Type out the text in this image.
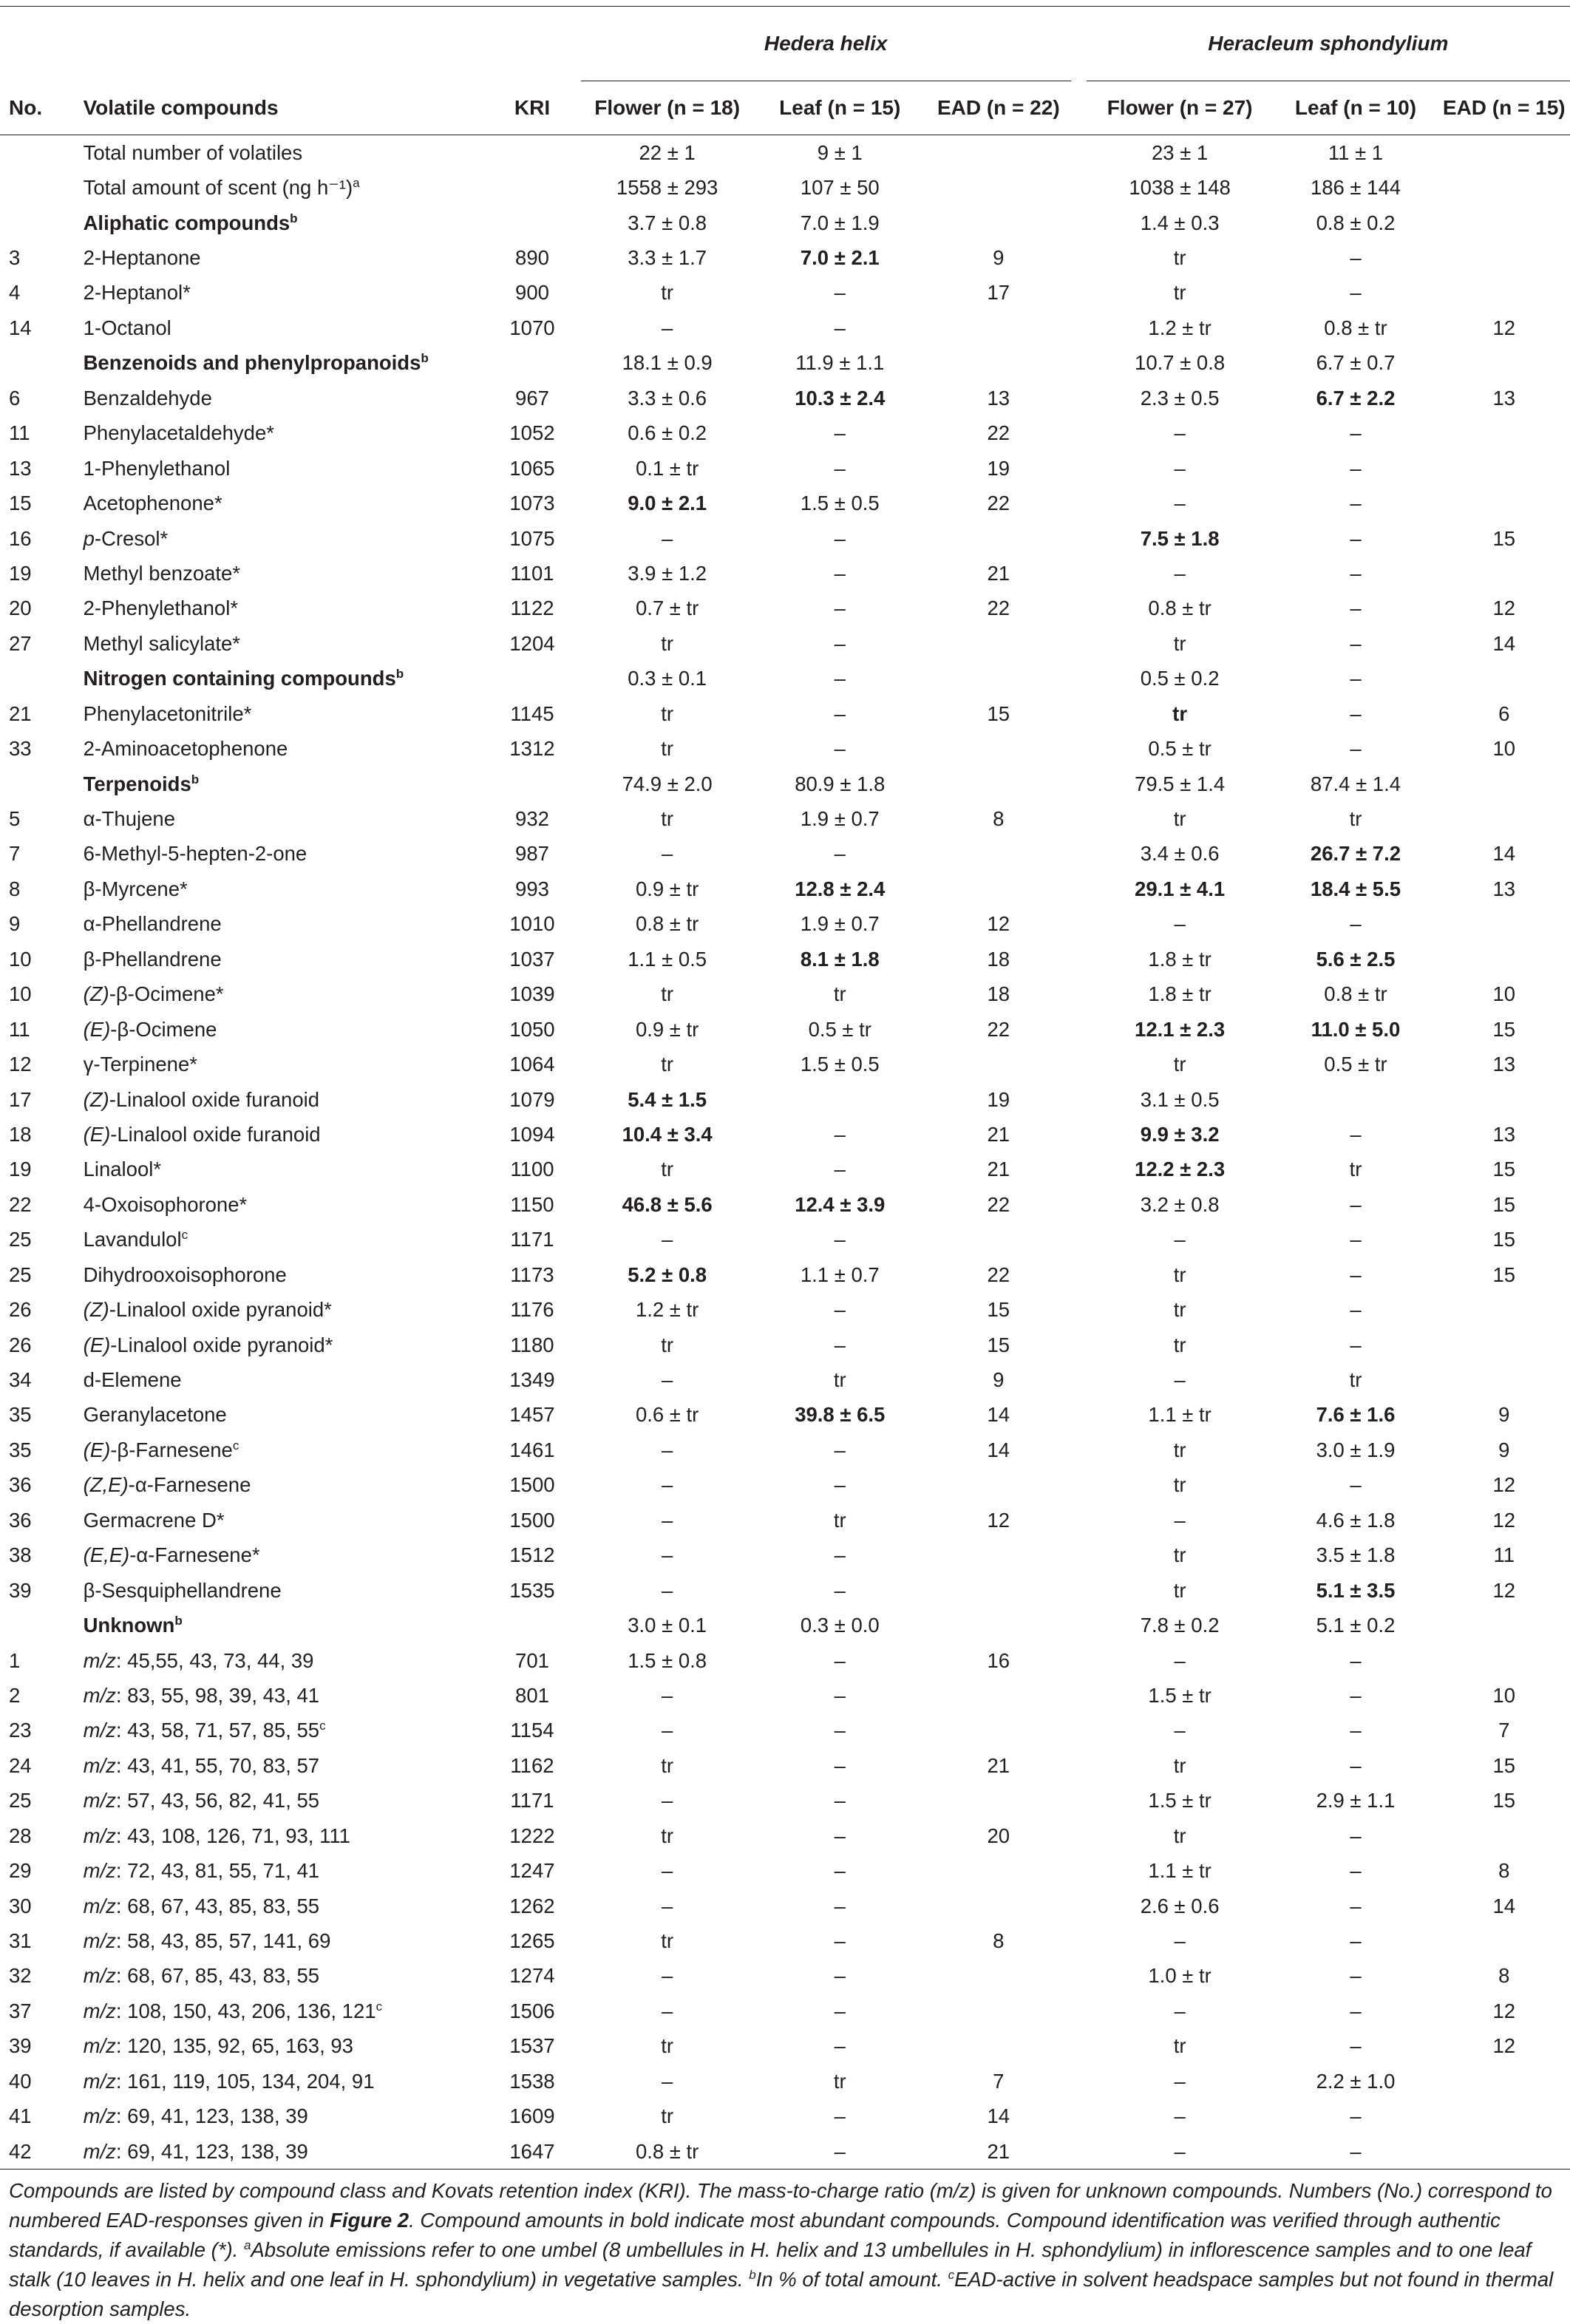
			Hedera helix				Heracleum sphondylium		
No.	Volatile compounds	KRI	Flower (n = 18)	Leaf (n = 15)	EAD (n = 22)		Flower (n = 27)	Leaf (n = 10)	EAD (n = 15)
	Total number of volatiles		22 ± 1	9 ± 1			23 ± 1	11 ± 1	
	Total amount of scent (ng h⁻¹)$^a$		1558 ± 293	107 ± 50			1038 ± 148	186 ± 144	
	Aliphatic compounds$^b$		3.7 ± 0.8	7.0 ± 1.9			1.4 ± 0.3	0.8 ± 0.2	
3	2-Heptanone	890	3.3 ± 1.7	7.0 ± 2.1	9		tr	–	
4	2-Heptanol*	900	tr	–	17		tr	–	
14	1-Octanol	1070	–	–			1.2 ± tr	0.8 ± tr	12
	Benzenoids and phenylpropanoids$^b$		18.1 ± 0.9	11.9 ± 1.1			10.7 ± 0.8	6.7 ± 0.7	
6	Benzaldehyde	967	3.3 ± 0.6	10.3 ± 2.4	13		2.3 ± 0.5	6.7 ± 2.2	13
11	Phenylacetaldehyde*	1052	0.6 ± 0.2	–	22		–	–	
13	1-Phenylethanol	1065	0.1 ± tr	–	19		–	–	
15	Acetophenone*	1073	9.0 ± 2.1	1.5 ± 0.5	22		–	–	
16	p-Cresol*	1075	–	–			7.5 ± 1.8	–	15
19	Methyl benzoate*	1101	3.9 ± 1.2	–	21		–	–	
20	2-Phenylethanol*	1122	0.7 ± tr	–	22		0.8 ± tr	–	12
27	Methyl salicylate*	1204	tr	–			tr	–	14
	Nitrogen containing compounds$^b$		0.3 ± 0.1	–			0.5 ± 0.2	–	
21	Phenylacetonitrile*	1145	tr	–	15		tr	–	6
33	2-Aminoacetophenone	1312	tr	–			0.5 ± tr	–	10
	Terpenoids$^b$		74.9 ± 2.0	80.9 ± 1.8			79.5 ± 1.4	87.4 ± 1.4	
5	α-Thujene	932	tr	1.9 ± 0.7	8		tr	tr	
7	6-Methyl-5-hepten-2-one	987	–	–			3.4 ± 0.6	26.7 ± 7.2	14
8	β-Myrcene*	993	0.9 ± tr	12.8 ± 2.4			29.1 ± 4.1	18.4 ± 5.5	13
9	α-Phellandrene	1010	0.8 ± tr	1.9 ± 0.7	12		–	–	
10	β-Phellandrene	1037	1.1 ± 0.5	8.1 ± 1.8	18		1.8 ± tr	5.6 ± 2.5	
10	(Z)-β-Ocimene*	1039	tr	tr	18		1.8 ± tr	0.8 ± tr	10
11	(E)-β-Ocimene	1050	0.9 ± tr	0.5 ± tr	22		12.1 ± 2.3	11.0 ± 5.0	15
12	γ-Terpinene*	1064	tr	1.5 ± 0.5			tr	0.5 ± tr	13
17	(Z)-Linalool oxide furanoid	1079	5.4 ± 1.5		19		3.1 ± 0.5		
18	(E)-Linalool oxide furanoid	1094	10.4 ± 3.4	–	21		9.9 ± 3.2	–	13
19	Linalool*	1100	tr	–	21		12.2 ± 2.3	tr	15
22	4-Oxoisophorone*	1150	46.8 ± 5.6	12.4 ± 3.9	22		3.2 ± 0.8	–	15
25	Lavandulol$^c$	1171	–	–			–	–	15
25	Dihydrooxoisophorone	1173	5.2 ± 0.8	1.1 ± 0.7	22		tr	–	15
26	(Z)-Linalool oxide pyranoid*	1176	1.2 ± tr	–	15		tr	–	
26	(E)-Linalool oxide pyranoid*	1180	tr	–	15		tr	–	
34	d-Elemene	1349	–	tr	9		–	tr	
35	Geranylacetone	1457	0.6 ± tr	39.8 ± 6.5	14		1.1 ± tr	7.6 ± 1.6	9
35	(E)-β-Farnesene$^c$	1461	–	–	14		tr	3.0 ± 1.9	9
36	(Z,E)-α-Farnesene	1500	–	–			tr	–	12
36	Germacrene D*	1500	–	tr	12		–	4.6 ± 1.8	12
38	(E,E)-α-Farnesene*	1512	–	–			tr	3.5 ± 1.8	11
39	β-Sesquiphellandrene	1535	–	–			tr	5.1 ± 3.5	12
	Unknown$^b$		3.0 ± 0.1	0.3 ± 0.0			7.8 ± 0.2	5.1 ± 0.2	
1	m/z: 45,55, 43, 73, 44, 39	701	1.5 ± 0.8	–	16		–	–	
2	m/z: 83, 55, 98, 39, 43, 41	801	–	–			1.5 ± tr	–	10
23	m/z: 43, 58, 71, 57, 85, 55$^c$	1154	–	–			–	–	7
24	m/z: 43, 41, 55, 70, 83, 57	1162	tr	–	21		tr	–	15
25	m/z: 57, 43, 56, 82, 41, 55	1171	–	–			1.5 ± tr	2.9 ± 1.1	15
28	m/z: 43, 108, 126, 71, 93, 111	1222	tr	–	20		tr	–	
29	m/z: 72, 43, 81, 55, 71, 41	1247	–	–			1.1 ± tr	–	8
30	m/z: 68, 67, 43, 85, 83, 55	1262	–	–			2.6 ± 0.6	–	14
31	m/z: 58, 43, 85, 57, 141, 69	1265	tr	–	8		–	–	
32	m/z: 68, 67, 85, 43, 83, 55	1274	–	–			1.0 ± tr	–	8
37	m/z: 108, 150, 43, 206, 136, 121$^c$	1506	–	–			–	–	12
39	m/z: 120, 135, 92, 65, 163, 93	1537	tr	–			tr	–	12
40	m/z: 161, 119, 105, 134, 204, 91	1538	–	tr	7		–	2.2 ± 1.0	
41	m/z: 69, 41, 123, 138, 39	1609	tr	–	14		–	–	
42	m/z: 69, 41, 123, 138, 39	1647	0.8 ± tr	–	21		–	–	

Compounds are listed by compound class and Kovats retention index (KRI). The mass-to-charge ratio (m/z) is given for unknown compounds. Numbers (No.) correspond to numbered EAD-responses given in Figure 2. Compound amounts in bold indicate most abundant compounds. Compound identification was verified through authentic standards, if available (*). $^a$Absolute emissions refer to one umbel (8 umbellules in H. helix and 13 umbellules in H. sphondylium) in inflorescence samples and to one leaf stalk (10 leaves in H. helix and one leaf in H. sphondylium) in vegetative samples. $^b$In % of total amount. $^c$EAD-active in solvent headspace samples but not found in thermal desorption samples.
